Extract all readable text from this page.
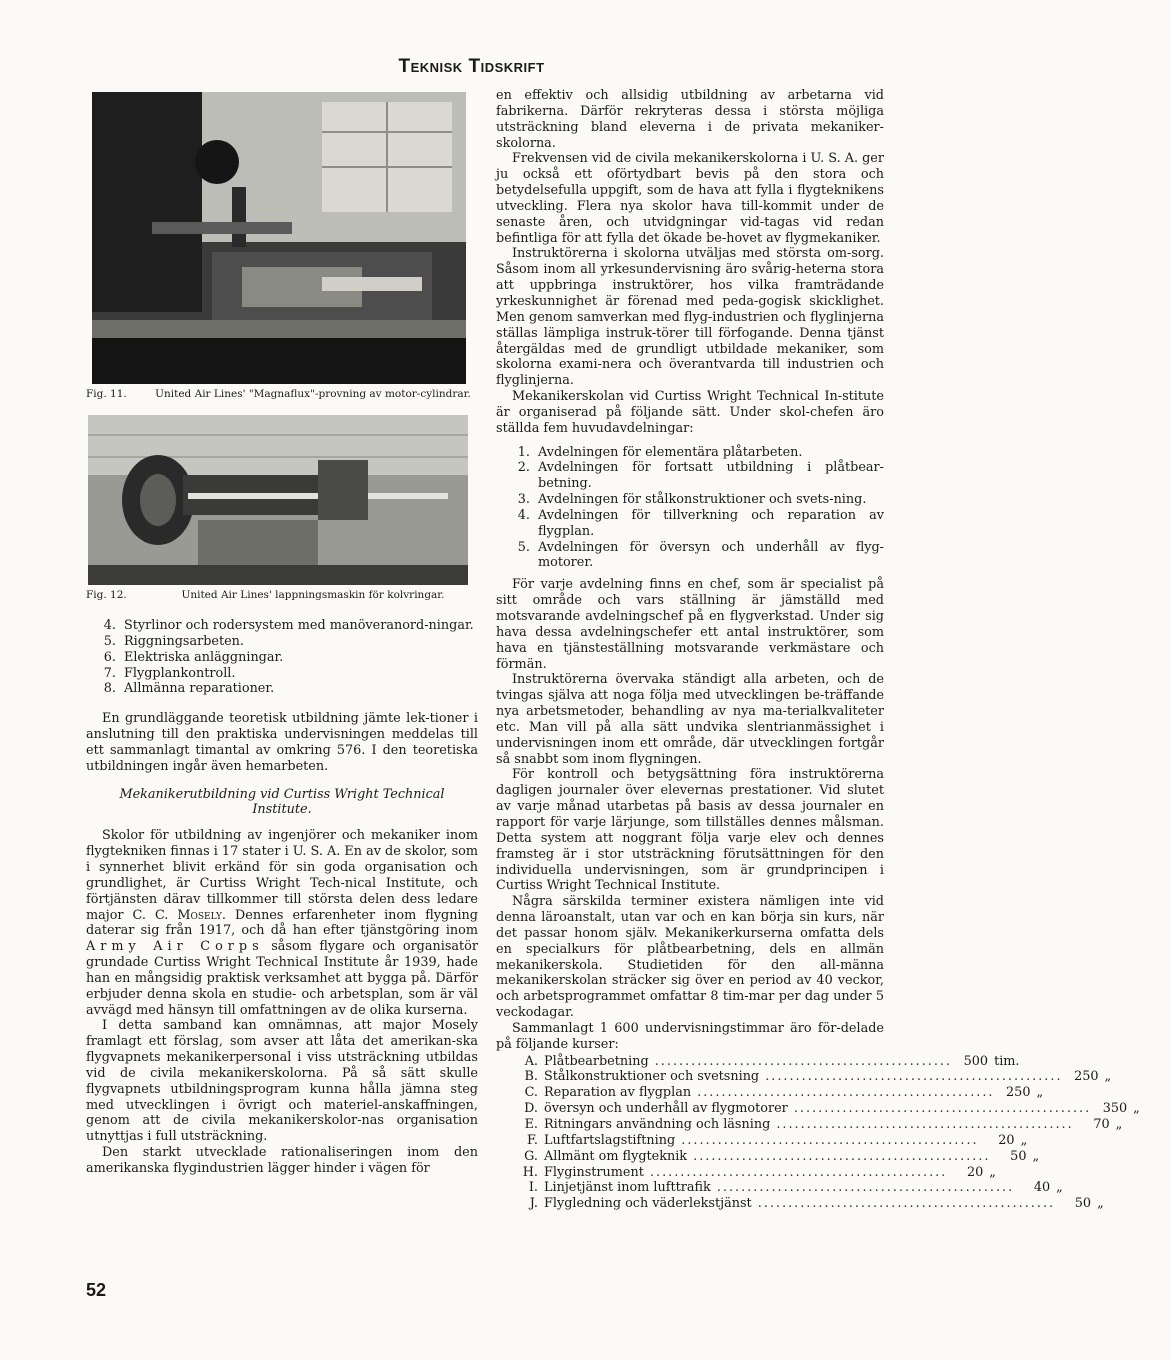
Teknisk Tidskrift
Fig. 11.	United Air Lines' "Magnaflux"-provning av motor-cylindrar.
Fig. 12.	United Air Lines' lappningsmaskin för kolvringar.
4. Styrlinor och rodersystem med manöveranord-ningar.
5. Riggningsarbeten.
6. Elektriska anläggningar.
7. Flygplankontroll.
8. Allmänna reparationer.

En grundläggande teoretisk utbildning jämte lek-tioner i anslutning till den praktiska undervisningen meddelas till ett sammanlagt timantal av omkring 576. I den teoretiska utbildningen ingår även hemarbeten.

Mekanikerutbildning vid Curtiss Wright Technical Institute.

Skolor för utbildning av ingenjörer och mekaniker inom flygtekniken finnas i 17 stater i U. S. A. En av de skolor, som i synnerhet blivit erkänd för sin goda organisation och grundlighet, är Curtiss Wright Tech-nical Institute, och förtjänsten därav tillkommer till största delen dess ledare major C. C. Mosely. Dennes erfarenheter inom flygning daterar sig från 1917, och då han efter tjänstgöring inom Army Air Corps såsom flygare och organisatör grundade Curtiss Wright Technical Institute år 1939, hade han en mångsidig praktisk verksamhet att bygga på. Därför erbjuder denna skola en studie- och arbetsplan, som är väl avvägd med hänsyn till omfattningen av de olika kurserna.

I detta samband kan omnämnas, att major Mosely framlagt ett förslag, som avser att låta det amerikan-ska flygvapnets mekanikerpersonal i viss utsträckning utbildas vid de civila mekanikerskolorna. På så sätt skulle flygvapnets utbildningsprogram kunna hålla jämna steg med utvecklingen i övrigt och materiel-anskaffningen, genom att de civila mekanikerskolor-nas organisation utnyttjas i full utsträckning.

Den starkt utvecklade rationaliseringen inom den amerikanska flygindustrien lägger hinder i vägen för

en effektiv och allsidig utbildning av arbetarna vid fabrikerna. Därför rekryteras dessa i största möjliga utsträckning bland eleverna i de privata mekaniker-skolorna.

Frekvensen vid de civila mekanikerskolorna i U. S. A. ger ju också ett oförtydbart bevis på den stora och betydelsefulla uppgift, som de hava att fylla i flygteknikens utveckling. Flera nya skolor hava till-kommit under de senaste åren, och utvidgningar vid-tagas vid redan befintliga för att fylla det ökade be-hovet av flygmekaniker.

Instruktörerna i skolorna utväljas med största om-sorg. Såsom inom all yrkesundervisning äro svårig-heterna stora att uppbringa instruktörer, hos vilka framträdande yrkeskunnighet är förenad med peda-gogisk skicklighet. Men genom samverkan med flyg-industrien och flyglinjerna ställas lämpliga instruk-törer till förfogande. Denna tjänst återgäldas med de grundligt utbildade mekaniker, som skolorna exami-nera och överantvarda till industrien och flyglinjerna.

Mekanikerskolan vid Curtiss Wright Technical In-stitute är organiserad på följande sätt. Under skol-chefen äro ställda fem huvudavdelningar:

1. Avdelningen för elementära plåtarbeten.
2. Avdelningen för fortsatt utbildning i plåtbear-betning.
3. Avdelningen för stålkonstruktioner och svets-ning.
4. Avdelningen för tillverkning och reparation av flygplan.
5. Avdelningen för översyn och underhåll av flyg-motorer.

För varje avdelning finns en chef, som är specialist på sitt område och vars ställning är jämställd med motsvarande avdelningschef på en flygverkstad. Under sig hava dessa avdelningschefer ett antal instruktörer, som hava en tjänsteställning motsvarande verkmästare och förmän.

Instruktörerna övervaka ständigt alla arbeten, och de tvingas själva att noga följa med utvecklingen be-träffande nya arbetsmetoder, behandling av nya ma-terialkvaliteter etc. Man vill på alla sätt undvika slentrianmässighet i undervisningen inom ett område, där utvecklingen fortgår så snabbt som inom flygningen.

För kontroll och betygsättning föra instruktörerna dagligen journaler över elevernas prestationer. Vid slutet av varje månad utarbetas på basis av dessa journaler en rapport för varje lärjunge, som tillställes dennes målsman. Detta system att noggrant följa varje elev och dennes framsteg är i stor utsträckning förutsättningen för den individuella undervisningen, som är grundprincipen i Curtiss Wright Technical Institute.

Några särskilda terminer existera nämligen inte vid denna läroanstalt, utan var och en kan börja sin kurs, när det passar honom själv. Mekanikerkurserna omfatta dels en specialkurs för plåtbearbetning, dels en allmän mekanikerskola. Studietiden för den all-männa mekanikerskolan sträcker sig över en period av 40 veckor, och arbetsprogrammet omfattar 8 tim-mar per dag under 5 veckodagar.

Sammanlagt 1 600 undervisningstimmar äro för-delade på följande kurser:

A. Plåtbearbetning ................................................. 500 tim.
B. Stålkonstruktioner och svetsning ................................................. 250 „
C. Reparation av flygplan ................................................. 250 „
D. översyn och underhåll av flygmotorer ................................................. 350 „
E. Ritningars användning och läsning .................................................	70 „
F. Luftfartslagstiftning .................................................	20 „
G. Allmänt om flygteknik .................................................	50 „
H. Flyginstrument .................................................	20 „
I. Linjetjänst inom lufttrafik .................................................	40 „
J. Flygledning och väderlekstjänst .................................................	50 „
52
